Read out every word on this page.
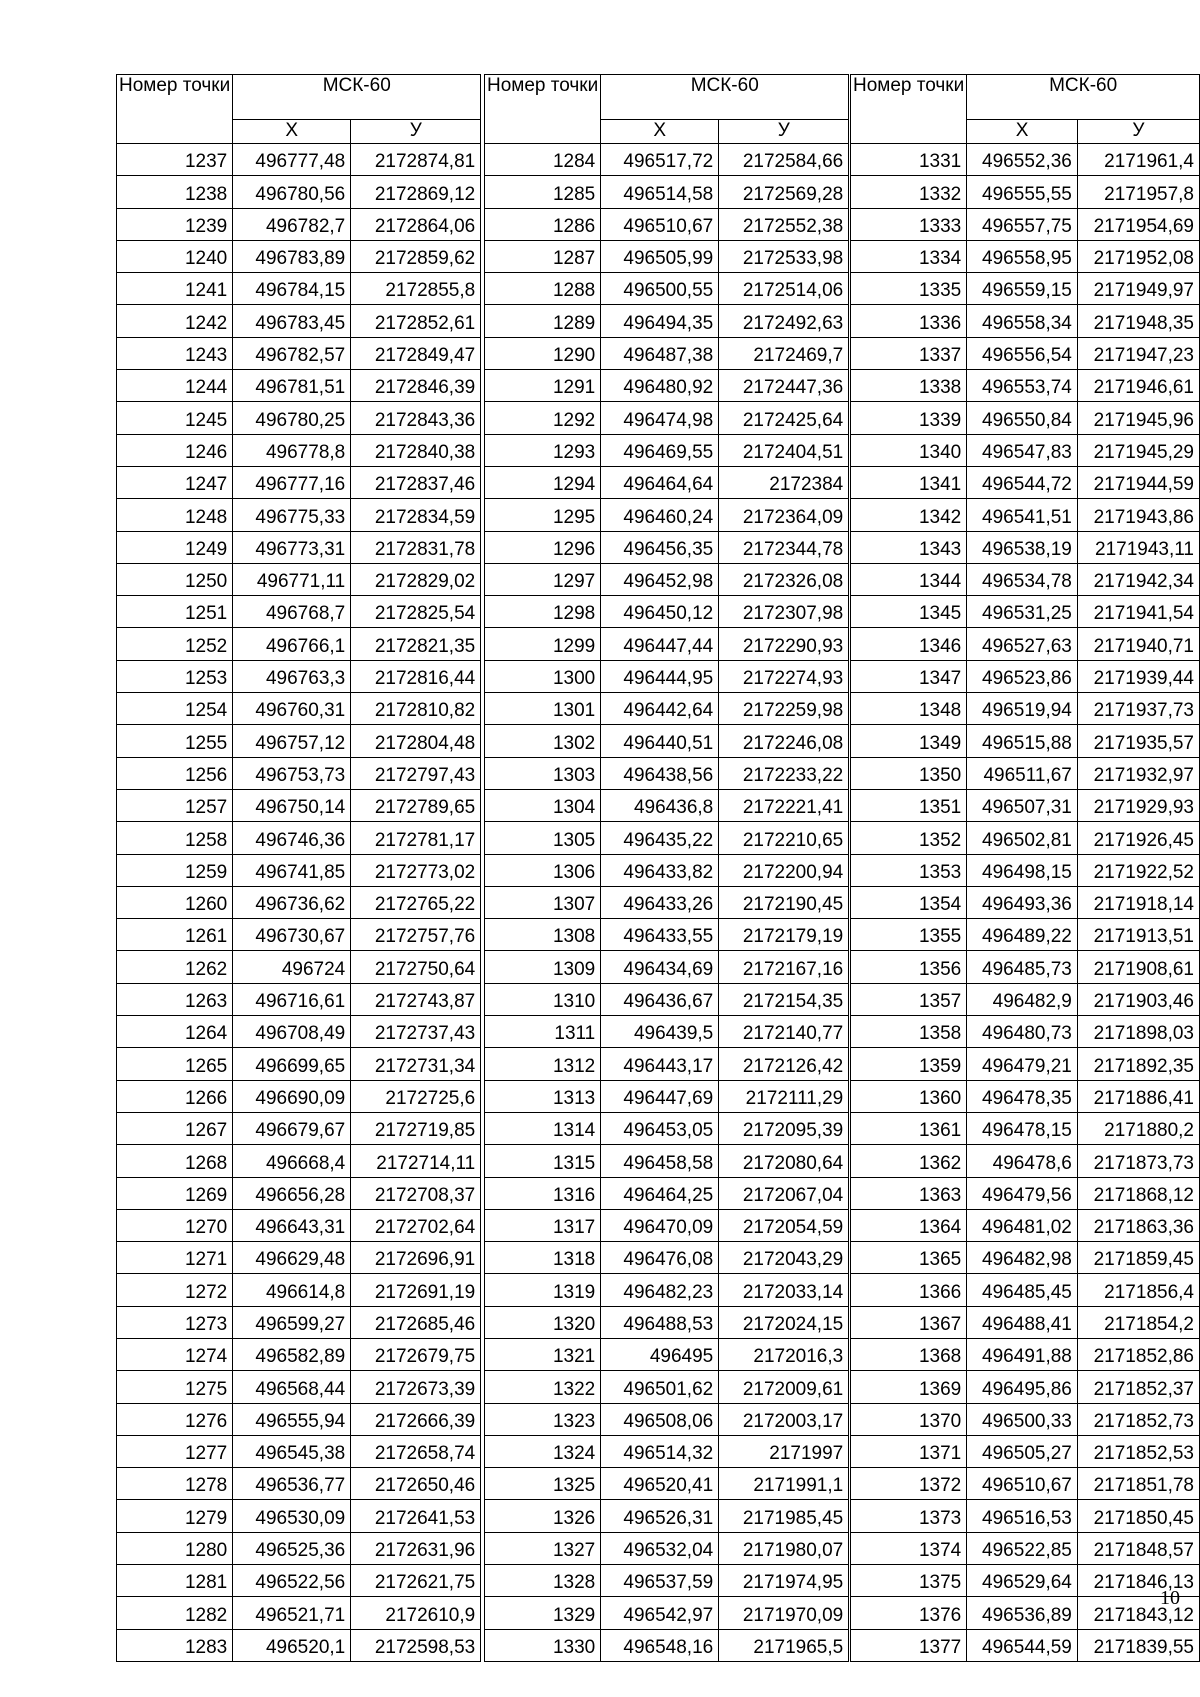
Номер точки	МСК-60	
	X	У
1237	496777,48	2172874,81
1238	496780,56	2172869,12
1239	496782,7	2172864,06
1240	496783,89	2172859,62
1241	496784,15	2172855,8
1242	496783,45	2172852,61
1243	496782,57	2172849,47
1244	496781,51	2172846,39
1245	496780,25	2172843,36
1246	496778,8	2172840,38
1247	496777,16	2172837,46
1248	496775,33	2172834,59
1249	496773,31	2172831,78
1250	496771,11	2172829,02
1251	496768,7	2172825,54
1252	496766,1	2172821,35
1253	496763,3	2172816,44
1254	496760,31	2172810,82
1255	496757,12	2172804,48
1256	496753,73	2172797,43
1257	496750,14	2172789,65
1258	496746,36	2172781,17
1259	496741,85	2172773,02
1260	496736,62	2172765,22
1261	496730,67	2172757,76
1262	496724	2172750,64
1263	496716,61	2172743,87
1264	496708,49	2172737,43
1265	496699,65	2172731,34
1266	496690,09	2172725,6
1267	496679,67	2172719,85
1268	496668,4	2172714,11
1269	496656,28	2172708,37
1270	496643,31	2172702,64
1271	496629,48	2172696,91
1272	496614,8	2172691,19
1273	496599,27	2172685,46
1274	496582,89	2172679,75
1275	496568,44	2172673,39
1276	496555,94	2172666,39
1277	496545,38	2172658,74
1278	496536,77	2172650,46
1279	496530,09	2172641,53
1280	496525,36	2172631,96
1281	496522,56	2172621,75
1282	496521,71	2172610,9
1283	496520,1	2172598,53
Номер точки	МСК-60	
	X	У
1284	496517,72	2172584,66
1285	496514,58	2172569,28
1286	496510,67	2172552,38
1287	496505,99	2172533,98
1288	496500,55	2172514,06
1289	496494,35	2172492,63
1290	496487,38	2172469,7
1291	496480,92	2172447,36
1292	496474,98	2172425,64
1293	496469,55	2172404,51
1294	496464,64	2172384
1295	496460,24	2172364,09
1296	496456,35	2172344,78
1297	496452,98	2172326,08
1298	496450,12	2172307,98
1299	496447,44	2172290,93
1300	496444,95	2172274,93
1301	496442,64	2172259,98
1302	496440,51	2172246,08
1303	496438,56	2172233,22
1304	496436,8	2172221,41
1305	496435,22	2172210,65
1306	496433,82	2172200,94
1307	496433,26	2172190,45
1308	496433,55	2172179,19
1309	496434,69	2172167,16
1310	496436,67	2172154,35
1311	496439,5	2172140,77
1312	496443,17	2172126,42
1313	496447,69	2172111,29
1314	496453,05	2172095,39
1315	496458,58	2172080,64
1316	496464,25	2172067,04
1317	496470,09	2172054,59
1318	496476,08	2172043,29
1319	496482,23	2172033,14
1320	496488,53	2172024,15
1321	496495	2172016,3
1322	496501,62	2172009,61
1323	496508,06	2172003,17
1324	496514,32	2171997
1325	496520,41	2171991,1
1326	496526,31	2171985,45
1327	496532,04	2171980,07
1328	496537,59	2171974,95
1329	496542,97	2171970,09
1330	496548,16	2171965,5
Номер точки	МСК-60	
	X	У
1331	496552,36	2171961,4
1332	496555,55	2171957,8
1333	496557,75	2171954,69
1334	496558,95	2171952,08
1335	496559,15	2171949,97
1336	496558,34	2171948,35
1337	496556,54	2171947,23
1338	496553,74	2171946,61
1339	496550,84	2171945,96
1340	496547,83	2171945,29
1341	496544,72	2171944,59
1342	496541,51	2171943,86
1343	496538,19	2171943,11
1344	496534,78	2171942,34
1345	496531,25	2171941,54
1346	496527,63	2171940,71
1347	496523,86	2171939,44
1348	496519,94	2171937,73
1349	496515,88	2171935,57
1350	496511,67	2171932,97
1351	496507,31	2171929,93
1352	496502,81	2171926,45
1353	496498,15	2171922,52
1354	496493,36	2171918,14
1355	496489,22	2171913,51
1356	496485,73	2171908,61
1357	496482,9	2171903,46
1358	496480,73	2171898,03
1359	496479,21	2171892,35
1360	496478,35	2171886,41
1361	496478,15	2171880,2
1362	496478,6	2171873,73
1363	496479,56	2171868,12
1364	496481,02	2171863,36
1365	496482,98	2171859,45
1366	496485,45	2171856,4
1367	496488,41	2171854,2
1368	496491,88	2171852,86
1369	496495,86	2171852,37
1370	496500,33	2171852,73
1371	496505,27	2171852,53
1372	496510,67	2171851,78
1373	496516,53	2171850,45
1374	496522,85	2171848,57
1375	496529,64	2171846,13
1376	496536,89	2171843,12
1377	496544,59	2171839,55
10
